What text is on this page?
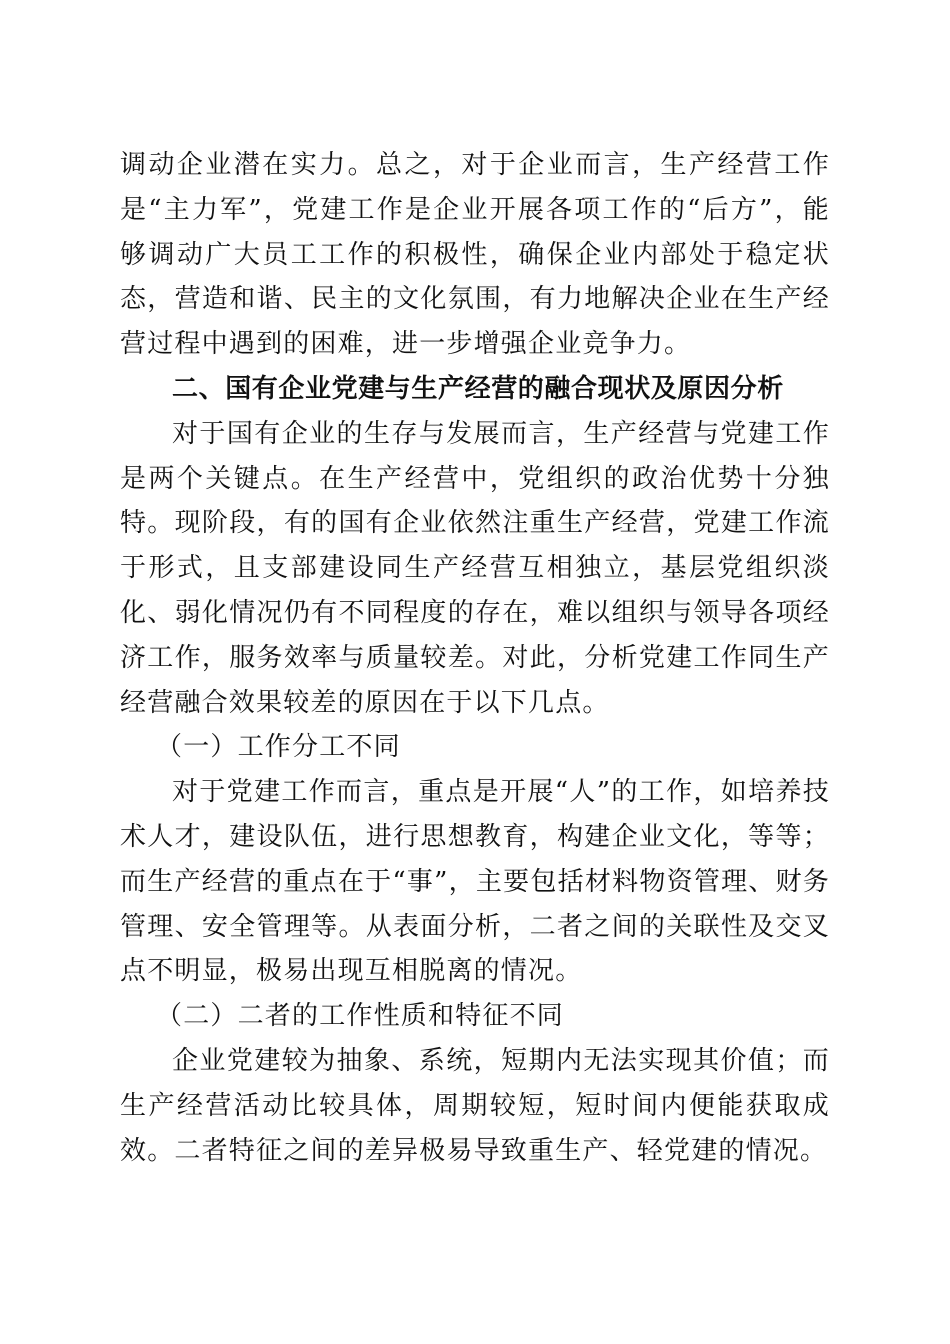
调动企业潜在实力。总之，对于企业而言，生产经营工作是“主力军”，党建工作是企业开展各项工作的“后方”，能够调动广大员工工作的积极性，确保企业内部处于稳定状态，营造和谐、民主的文化氛围，有力地解决企业在生产经营过程中遇到的困难，进一步增强企业竞争力。

二、国有企业党建与生产经营的融合现状及原因分析

对于国有企业的生存与发展而言，生产经营与党建工作是两个关键点。在生产经营中，党组织的政治优势十分独特。现阶段，有的国有企业依然注重生产经营，党建工作流于形式，且支部建设同生产经营互相独立，基层党组织淡化、弱化情况仍有不同程度的存在，难以组织与领导各项经济工作，服务效率与质量较差。对此，分析党建工作同生产经营融合效果较差的原因在于以下几点。

（一）工作分工不同

对于党建工作而言，重点是开展“人”的工作，如培养技术人才，建设队伍，进行思想教育，构建企业文化，等等；而生产经营的重点在于“事”，主要包括材料物资管理、财务管理、安全管理等。从表面分析，二者之间的关联性及交叉点不明显，极易出现互相脱离的情况。

（二）二者的工作性质和特征不同

企业党建较为抽象、系统，短期内无法实现其价值；而生产经营活动比较具体，周期较短，短时间内便能获取成效。二者特征之间的差异极易导致重生产、轻党建的情况。
